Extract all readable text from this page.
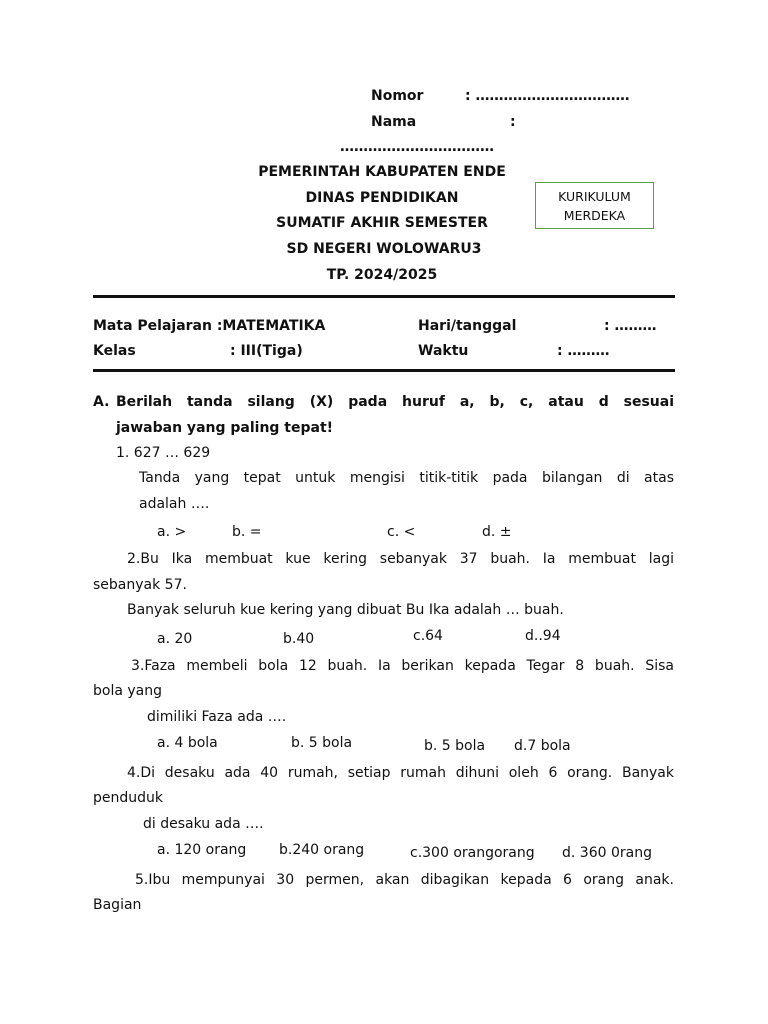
Nomor	: ……………………………
Nama	:
……………………………
PEMERINTAH KABUPATEN ENDE
DINAS PENDIDIKAN
SUMATIF AKHIR SEMESTER
SD NEGERI WOLOWARU3
TP. 2024/2025
KURIKULUM
MERDEKA
Mata Pelajaran :MATEMATIKA	Hari/tanggal	: ………
Kelas	: III(Tiga)	Waktu	: ………
A. Berilah tanda silang (X) pada huruf a, b, c, atau d sesuai
jawaban yang paling tepat!
1. 627 … 629
Tanda yang tepat untuk mengisi titik-titik pada bilangan di atas
adalah ….
a. >	b. =	c. <	d. ±
2.Bu Ika membuat kue kering sebanyak 37 buah. Ia membuat lagi
sebanyak 57.
Banyak seluruh kue kering yang dibuat Bu Ika adalah … buah.
a. 20	b.40	c.64	d..94
3.Faza membeli bola 12 buah. Ia berikan kepada Tegar 8 buah. Sisa
bola yang
dimiliki Faza ada ….
a. 4 bola	b. 5 bola	b. 5 bola d.7 bola
4.Di desaku ada 40 rumah, setiap rumah dihuni oleh 6 orang. Banyak
penduduk
di desaku ada ….
a. 120 orang b.240 orang	c.300 orangorang d. 360 0rang
5.Ibu mempunyai 30 permen, akan dibagikan kepada 6 orang anak.
Bagian
